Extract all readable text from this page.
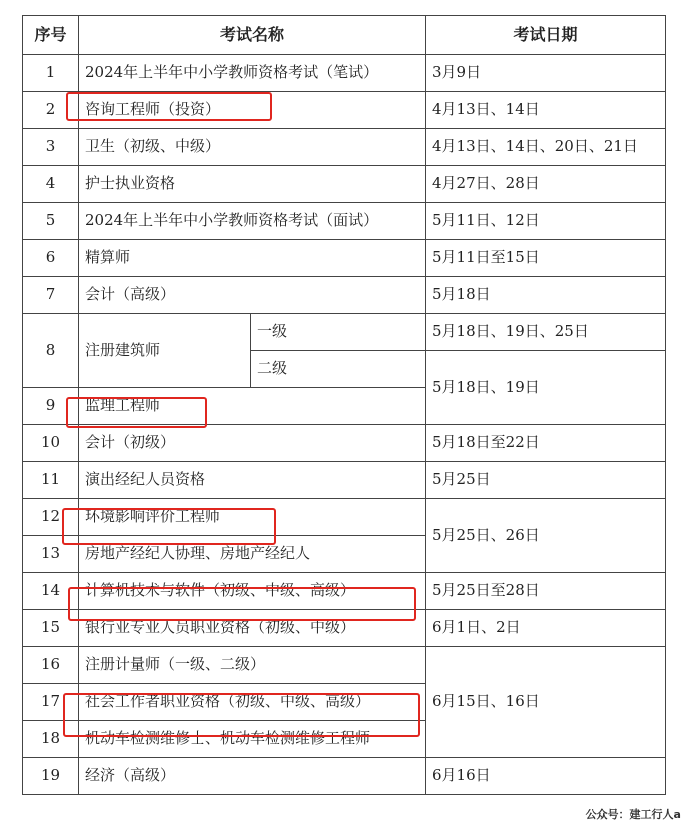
序号	考试名称		考试日期
1	2024年上半年中小学教师资格考试（笔试）		3月9日
2	咨询工程师（投资）		4月13日、14日
3	卫生（初级、中级）		4月13日、14日、20日、21日
4	护士执业资格		4月27日、28日
5	2024年上半年中小学教师资格考试（面试）		5月11日、12日
6	精算师		5月11日至15日
7	会计（高级）		5月18日
8	注册建筑师	一级	5月18日、19日、25日
		二级	5月18日、19日
9	监理工程师		
10	会计（初级）		5月18日至22日
11	演出经纪人员资格		5月25日
12	环境影响评价工程师		5月25日、26日
13	房地产经纪人协理、房地产经纪人		
14	计算机技术与软件（初级、中级、高级）		5月25日至28日
15	银行业专业人员职业资格（初级、中级）		6月1日、2日
16	注册计量师（一级、二级）		6月15日、16日
17	社会工作者职业资格（初级、中级、高级）		
18	机动车检测维修士、机动车检测维修工程师		
19	经济（高级）		6月16日
公众号：建工行人a
